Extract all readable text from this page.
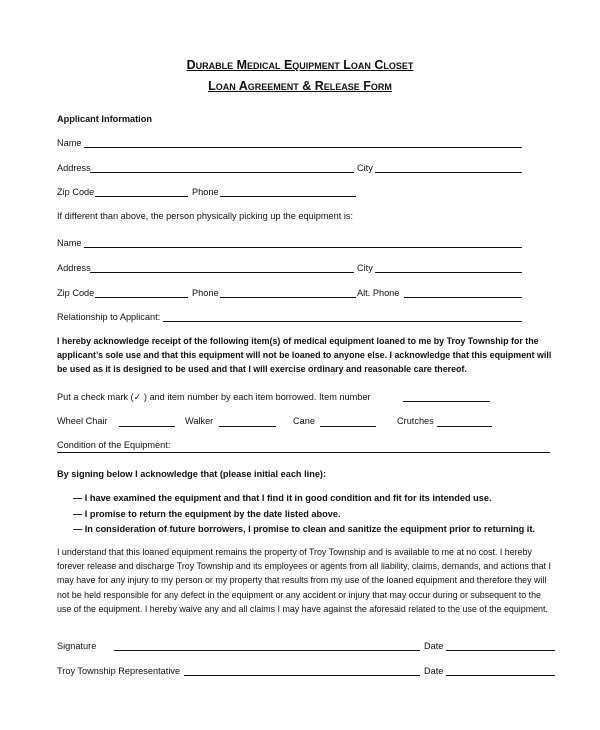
Durable Medical Equipment Loan Closet
Loan Agreement & Release Form
Applicant Information
Name
Address	City
Zip Code	Phone
If different than above, the person physically picking up the equipment is:
Name
Address	City
Zip Code	Phone	Alt. Phone
Relationship to Applicant:
I hereby acknowledge receipt of the following item(s) of medical equipment loaned to me by Troy Township for the applicant’s sole use and that this equipment will not be loaned to anyone else. I acknowledge that this equipment will be used as it is designed to be used and that I will exercise ordinary and reasonable care thereof.
Put a check mark (✓ ) and item number by each item borrowed. Item number
Wheel Chair	Walker	Cane	Crutches
Condition of the Equipment:
By signing below I acknowledge that (please initial each line):
— I have examined the equipment and that I find it in good condition and fit for its intended use.
— I promise to return the equipment by the date listed above.
— In consideration of future borrowers, I promise to clean and sanitize the equipment prior to returning it.
I understand that this loaned equipment remains the property of Troy Township and is available to me at no cost. I hereby forever release and discharge Troy Township and its employees or agents from all liability, claims, demands, and actions that I may have for any injury to my person or my property that results from my use of the loaned equipment and therefore they will not be held responsible for any defect in the equipment or any accident or injury that may occur during or subsequent to the use of the equipment. I hereby waive any and all claims I may have against the aforesaid related to the use of the equipment.
Signature	Date
Troy Township Representative	Date
